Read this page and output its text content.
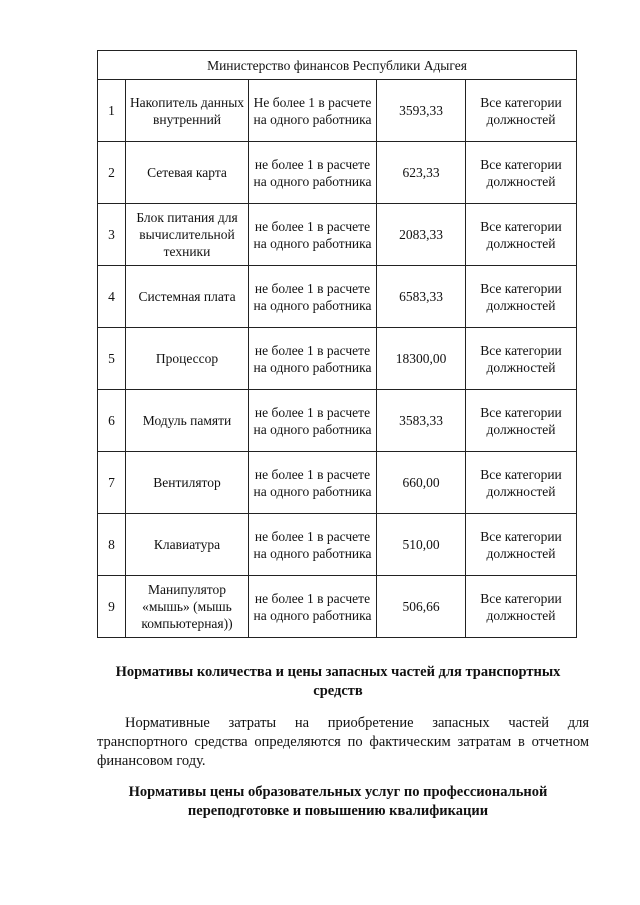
Министерство финансов Республики Адыгея				
1	Накопитель данных внутренний	Не более 1 в расчете на одного работника	3593,33	Все категории должностей
2	Сетевая карта	не более 1 в расчете на одного работника	623,33	Все категории должностей
3	Блок питания для вычислительной техники	не более 1 в расчете на одного работника	2083,33	Все категории должностей
4	Системная плата	не более 1 в расчете на одного работника	6583,33	Все категории должностей
5	Процессор	не более 1 в расчете на одного работника	18300,00	Все категории должностей
6	Модуль памяти	не более 1 в расчете на одного работника	3583,33	Все категории должностей
7	Вентилятор	не более 1 в расчете на одного работника	660,00	Все категории должностей
8	Клавиатура	не более 1 в расчете на одного работника	510,00	Все категории должностей
9	Манипулятор «мышь» (мышь компьютерная))	не более 1 в расчете на одного работника	506,66	Все категории должностей
Нормативы количества и цены запасных частей для транспортных средств
Нормативные затраты на приобретение запасных частей для транспортного средства определяются по фактическим затратам в отчетном финансовом году.
Нормативы цены образовательных услуг по профессиональной переподготовке и повышению квалификации
